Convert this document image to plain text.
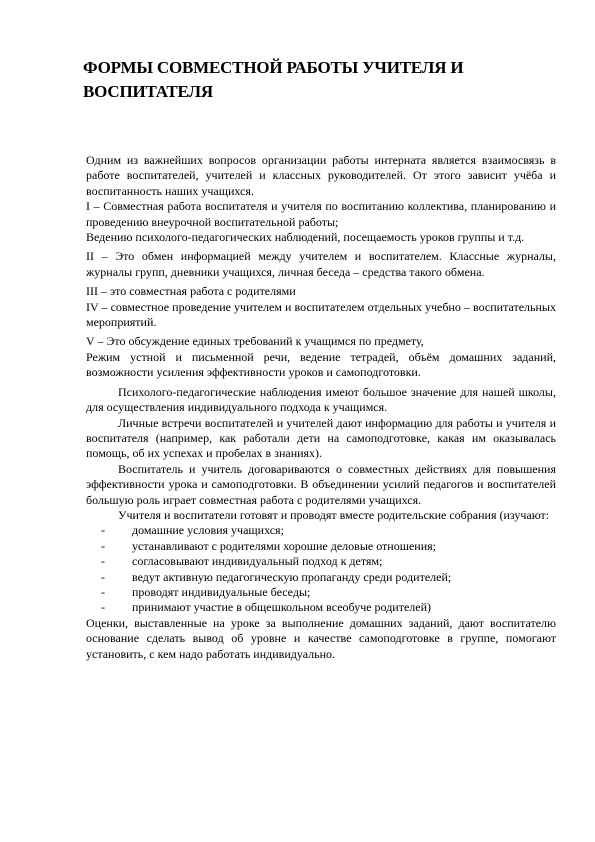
ФОРМЫ СОВМЕСТНОЙ РАБОТЫ УЧИТЕЛЯ И
ВОСПИТАТЕЛЯ

Одним из важнейших вопросов организации работы интерната является взаимосвязь в работе воспитателей, учителей и классных руководителей. От этого зависит учёба и воспитанность наших учащихся.

I – Совместная работа воспитателя и учителя по воспитанию коллектива, планированию и проведению внеурочной воспитательной работы;

Ведению психолого-педагогических наблюдений, посещаемость уроков группы и т.д.

II – Это обмен информацией между учителем и воспитателем. Классные журналы, журналы групп, дневники учащихся, личная беседа – средства такого обмена.

III – это совместная работа с родителями

IV – совместное проведение учителем и воспитателем отдельных учебно – воспитательных мероприятий.

V – Это обсуждение единых требований к учащимся по предмету,

Режим устной и письменной речи, ведение тетрадей, объём домашних заданий, возможности усиления эффективности уроков и самоподготовки.

Психолого-педагогические наблюдения имеют большое значение для нашей школы, для осуществления индивидуального подхода к учащимся.

Личные встречи воспитателей и учителей дают информацию для работы и учителя и воспитателя (например, как работали дети на самоподготовке, какая им оказывалась помощь, об их успехах и пробелах в знаниях).

Воспитатель и учитель договариваются о совместных действиях для повышения эффективности урока и самоподготовки. В объединении усилий педагогов и воспитателей большую роль играет совместная работа с родителями учащихся.

Учителя и воспитатели готовят и проводят вместе родительские собрания (изучают:

- домашние условия учащихся;
- устанавливают с родителями хорошие деловые отношения;
- согласовывают индивидуальный подход к детям;
- ведут активную педагогическую пропаганду среди родителей;
- проводят индивидуальные беседы;
- принимают участие в общешкольном всеобуче родителей)

Оценки, выставленные на уроке за выполнение домашних заданий, дают воспитателю основание сделать вывод об уровне и качестве самоподготовке в группе, помогают установить, с кем надо работать индивидуально.
